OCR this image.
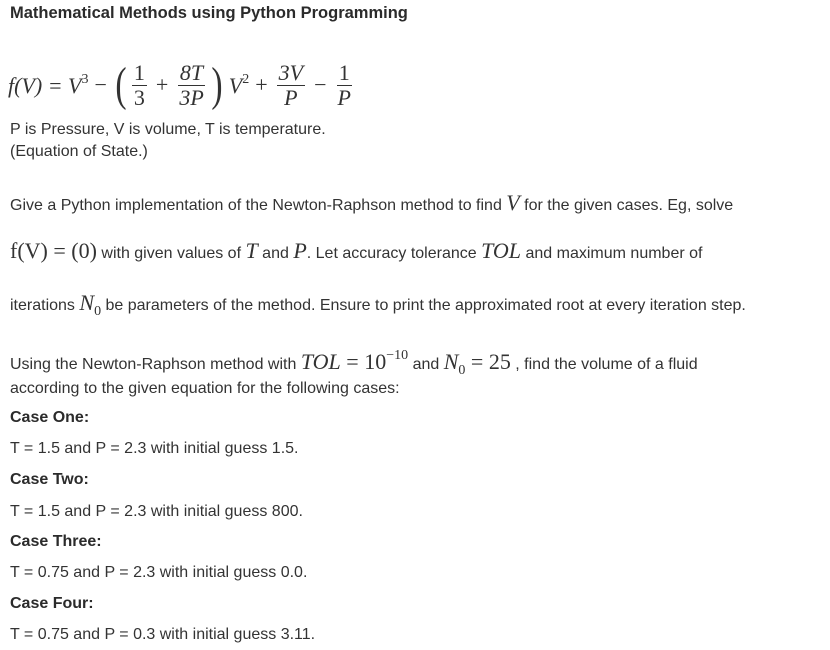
Mathematical Methods using Python Programming
$f(V) = V^3$ − ( $\frac{1}{3} + \frac{8T}{3P}$ ) $V^2 + \frac{3V}{P} - \frac{1}{P}$
P is Pressure, V is volume, T is temperature.
(Equation of State.)
Give a Python implementation of the Newton-Raphson method to find V for the given cases. Eg, solve
f(V) = (0) with given values of T and P. Let accuracy tolerance TOL and maximum number of
iterations $N_0$ be parameters of the method. Ensure to print the approximated root at every iteration step.
Using the Newton-Raphson method with TOL = $10^{-10}$ and $N_0 = 25$ , find the volume of a fluid
according to the given equation for the following cases:
Case One:
T = 1.5 and P = 2.3 with initial guess 1.5.
Case Two:
T = 1.5 and P = 2.3 with initial guess 800.
Case Three:
T = 0.75 and P = 2.3 with initial guess 0.0.
Case Four:
T = 0.75 and P = 0.3 with initial guess 3.11.
